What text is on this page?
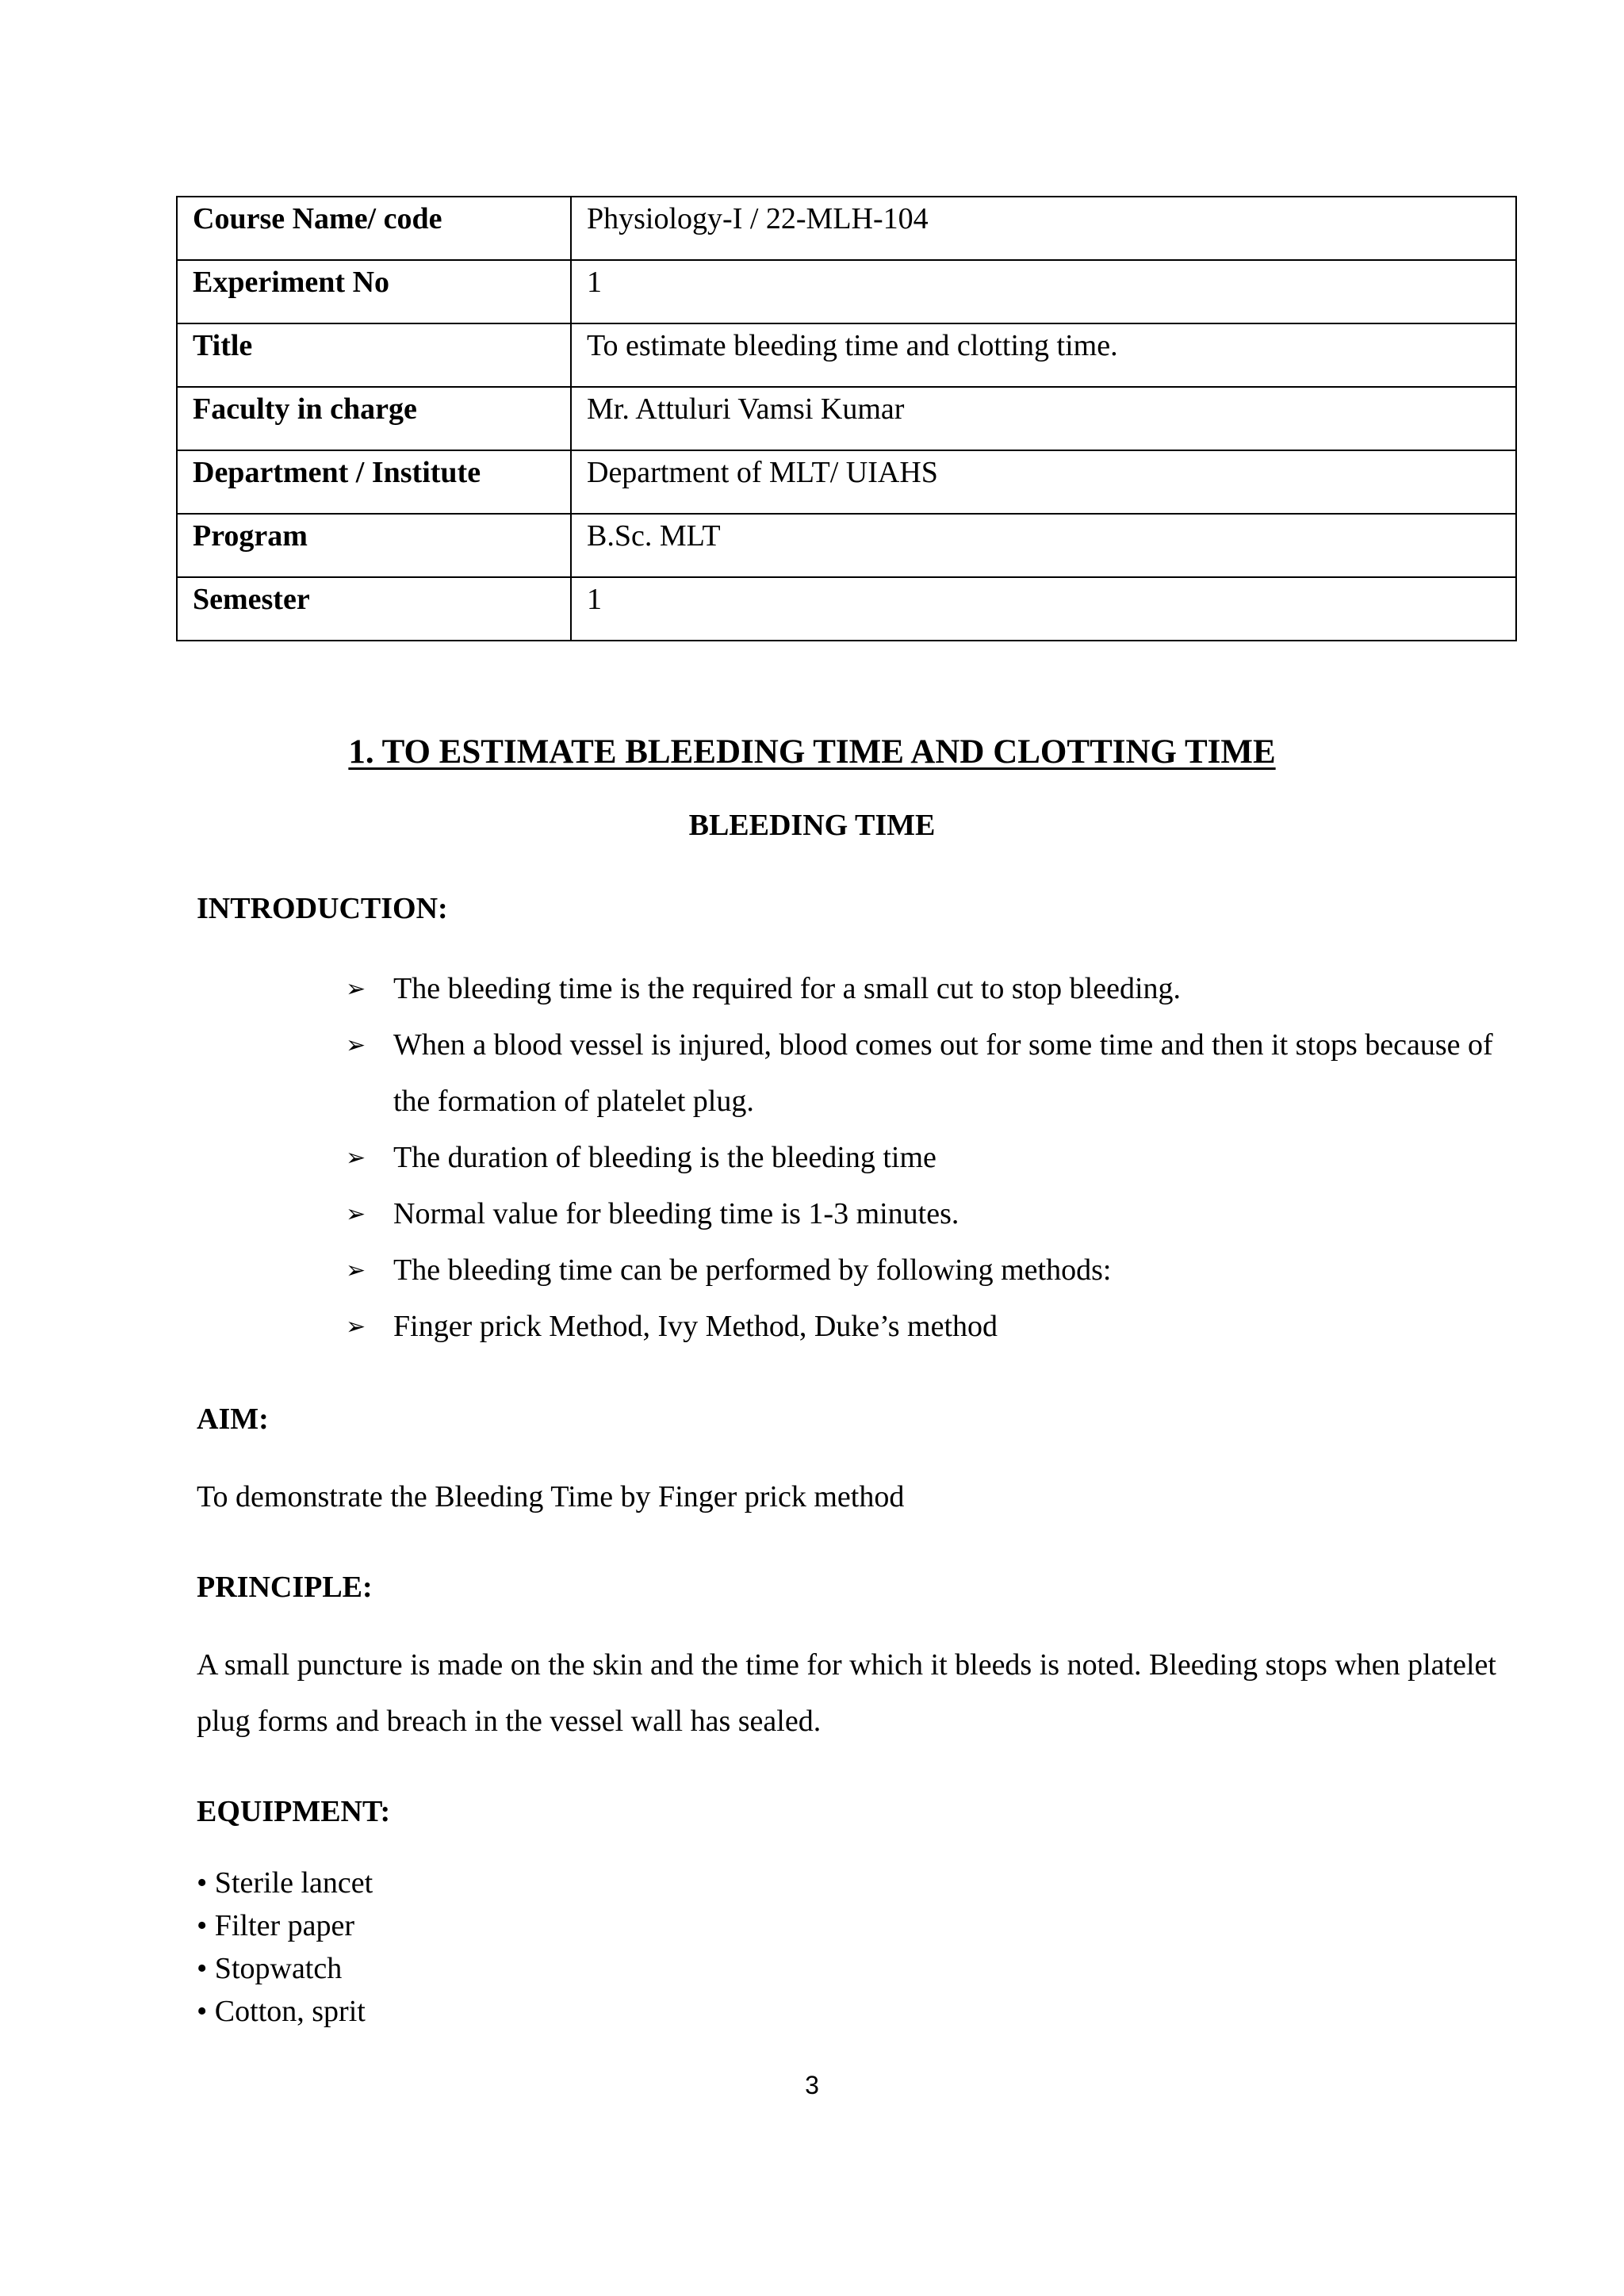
Course Name/ code	Physiology-I / 22-MLH-104
Experiment No	1
Title	To estimate bleeding time and clotting time.
Faculty in charge	Mr. Attuluri Vamsi Kumar
Department / Institute	Department of MLT/ UIAHS
Program	B.Sc. MLT
Semester	1
1. TO ESTIMATE BLEEDING TIME AND CLOTTING TIME
BLEEDING TIME
INTRODUCTION:
➢ The bleeding time is the required for a small cut to stop bleeding.
➢ When a blood vessel is injured, blood comes out for some time and then it stops because of the formation of platelet plug.
➢ The duration of bleeding is the bleeding time
➢ Normal value for bleeding time is 1-3 minutes.
➢ The bleeding time can be performed by following methods:
➢ Finger prick Method, Ivy Method, Duke’s method
AIM:

To demonstrate the Bleeding Time by Finger prick method

PRINCIPLE:

A small puncture is made on the skin and the time for which it bleeds is noted. Bleeding stops when platelet plug forms and breach in the vessel wall has sealed.

EQUIPMENT:
• Sterile lancet
• Filter paper
• Stopwatch
• Cotton, sprit

3
